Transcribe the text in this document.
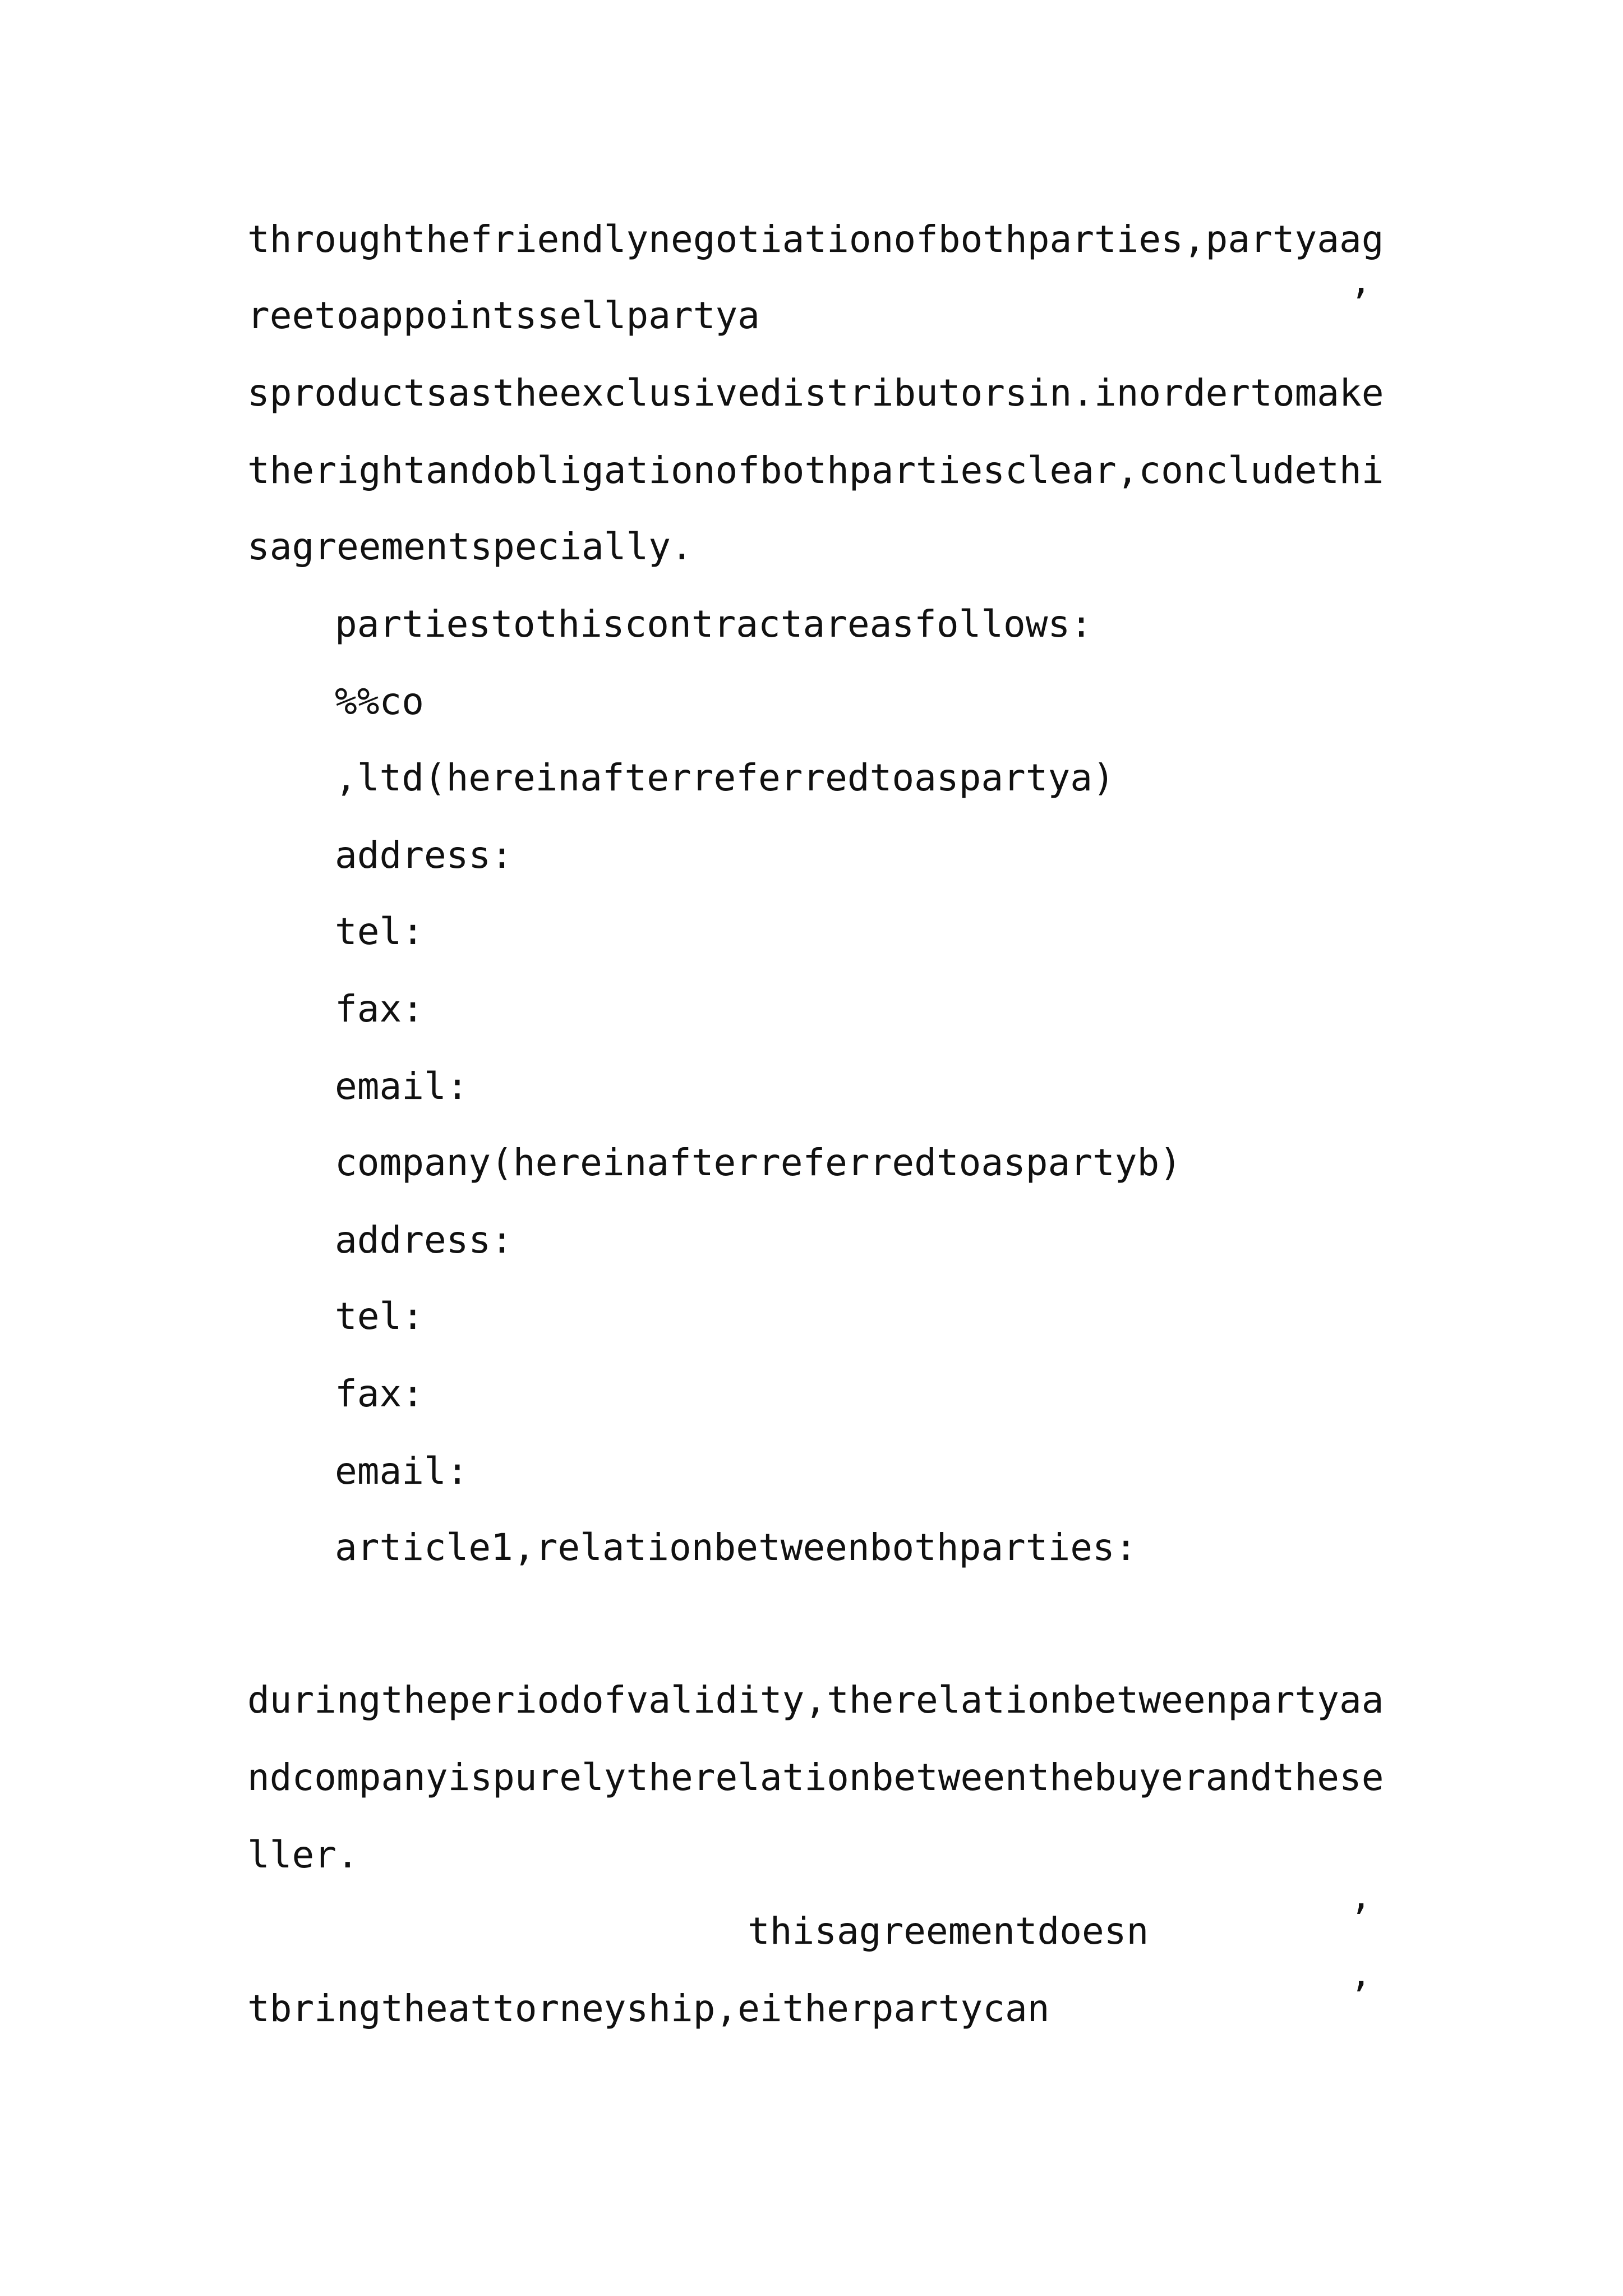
throughthefriendlynegotiationofbothparties,partyaag
reetoappointssellpartya	’
sproductsastheexclusivedistributorsin.inordertomake
therightandobligationofbothpartiesclear,concludethi
sagreementspecially.
partiestothiscontractareasfollows:
%%co
,ltd(hereinafterreferredtoaspartya)
address:
tel:
fax:
email:
company(hereinafterreferredtoaspartyb)
address:
tel:
fax:
email:
article1,relationbetweenbothparties:
duringtheperiodofvalidity,therelationbetweenpartyaa
ndcompanyispurelytherelationbetweenthebuyerandthese
ller.
thisagreementdoesn	’
tbringtheattorneyship,eitherpartycan	’
